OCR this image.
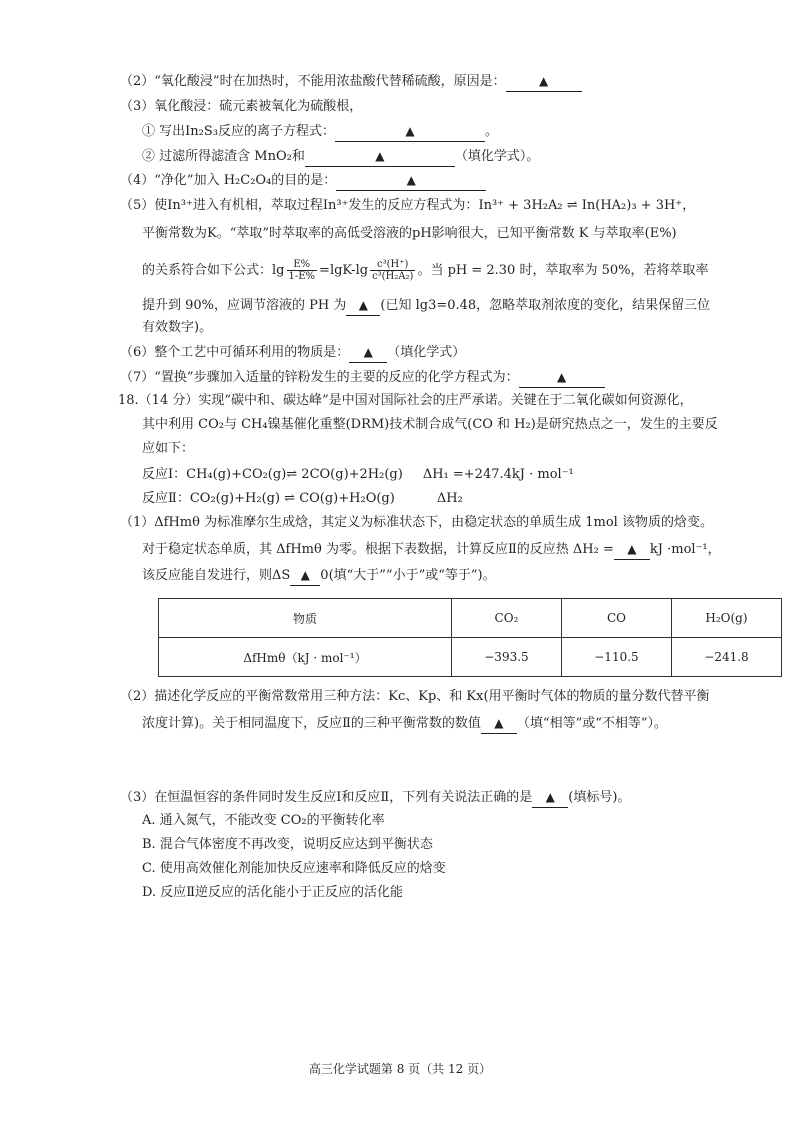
（2）“氧化酸浸”时在加热时，不能用浓盐酸代替稀硫酸，原因是：	▲
（3）氧化酸浸：硫元素被氧化为硫酸根，
① 写出In₂S₃反应的离子方程式：	▲	。
② 过滤所得滤渣含 MnO₂和	▲	（填化学式）。
（4）“净化”加入 H₂C₂O₄的目的是：	▲
（5）使In³⁺进入有机相，萃取过程In³⁺发生的反应方程式为：In³⁺ + 3H₂A₂ ⇌ In(HA₂)₃ + 3H⁺，
平衡常数为K。“萃取”时萃取率的高低受溶液的pH影响很大，已知平衡常数 K 与萃取率(E%)
的关系符合如下公式：$\lg \frac{E\%}{1-E\%} =\lg K-\lg \frac{\text{c³(H⁺)}}{\text{c³(H₂A₂)}}$ 。当 pH = 2.30 时，萃取率为 50%，若将萃取率
提升到 90%，应调节溶液的 PH 为 ▲ (已知 lg3=0.48，忽略萃取剂浓度的变化，结果保留三位
有效数字)。
（6）整个工艺中可循环利用的物质是： ▲ （填化学式）
（7）“置换”步骤加入适量的锌粉发生的主要的反应的化学方程式为：	▲
18.（14 分）实现“碳中和、碳达峰”是中国对国际社会的庄严承诺。关键在于二氧化碳如何资源化，
其中利用 CO₂与 CH₄镍基催化重整(DRM)技术制合成气(CO 和 H₂)是研究热点之一，发生的主要反
应如下：
反应Ⅰ：CH₄(g)+CO₂(g)⇌ 2CO(g)+2H₂(g) ΔH₁ =+247.4kJ · mol⁻¹
反应Ⅱ：CO₂(g)+H₂(g) ⇌ CO(g)+H₂O(g)	ΔH₂
（1）ΔfHmθ 为标准摩尔生成焓，其定义为标准状态下，由稳定状态的单质生成 1mol 该物质的焓变。
对于稳定状态单质，其 ΔfHmθ 为零。根据下表数据，计算反应Ⅱ的反应热 ΔH₂ = ▲ kJ ·mol⁻¹，
该反应能自发进行，则ΔS ▲ 0(填“大于”“小于”或“等于”)。
物质	CO₂	CO	H₂O(g)
ΔfHmθ（kJ · mol⁻¹）	−393.5	−110.5	−241.8
（2）描述化学反应的平衡常数常用三种方法：Kc、Kp、和 Kx(用平衡时气体的物质的量分数代替平衡
浓度计算)。关于相同温度下，反应Ⅱ的三种平衡常数的数值 ▲ （填“相等”或“不相等”）。
（3）在恒温恒容的条件同时发生反应Ⅰ和反应Ⅱ，下列有关说法正确的是 ▲ (填标号)。
A. 通入氮气，不能改变 CO₂的平衡转化率
B. 混合气体密度不再改变，说明反应达到平衡状态
C. 使用高效催化剂能加快反应速率和降低反应的焓变
D. 反应Ⅱ逆反应的活化能小于正反应的活化能
高三化学试题第 8 页（共 12 页）
